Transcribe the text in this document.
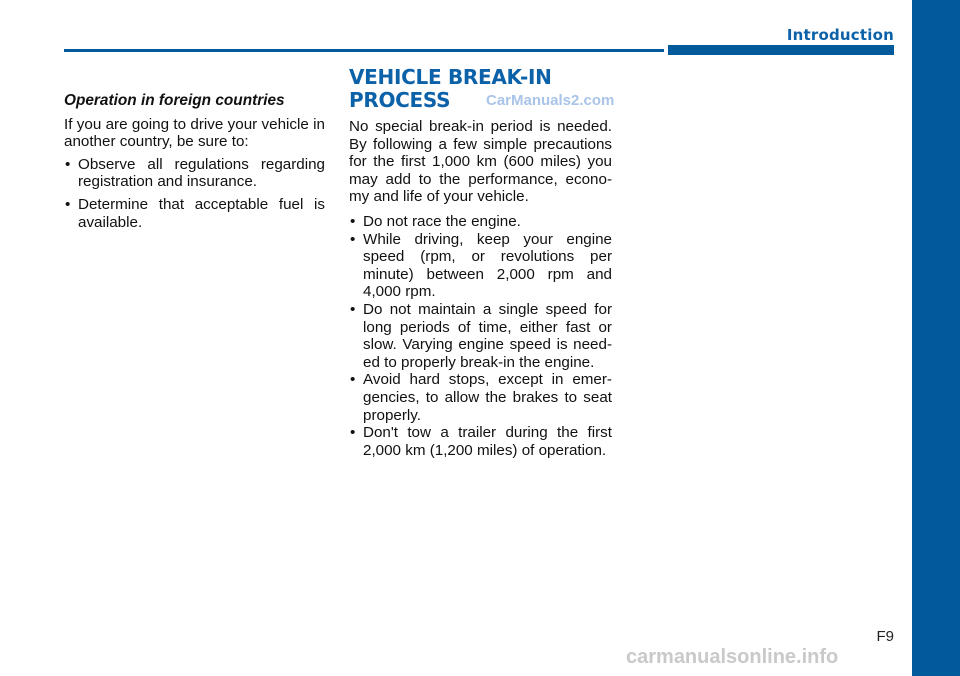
Introduction
Operation in foreign countries

If you are going to drive your vehicle in another country, be sure to:

• Observe all regulations regarding registration and insurance.
• Determine that acceptable fuel is available.
VEHICLE BREAK-IN
PROCESS	CarManuals2.com

No special break-in period is needed. By following a few simple precautions for the first 1,000 km (600 miles) you may add to the performance, econo-my and life of your vehicle.

• Do not race the engine.
• While driving, keep your engine speed (rpm, or revolutions per minute) between 2,000 rpm and 4,000 rpm.
• Do not maintain a single speed for long periods of time, either fast or slow. Varying engine speed is need-ed to properly break-in the engine.
• Avoid hard stops, except in emer-gencies, to allow the brakes to seat properly.
• Don't tow a trailer during the first 2,000 km (1,200 miles) of operation.
F9
carmanualsonline.info
